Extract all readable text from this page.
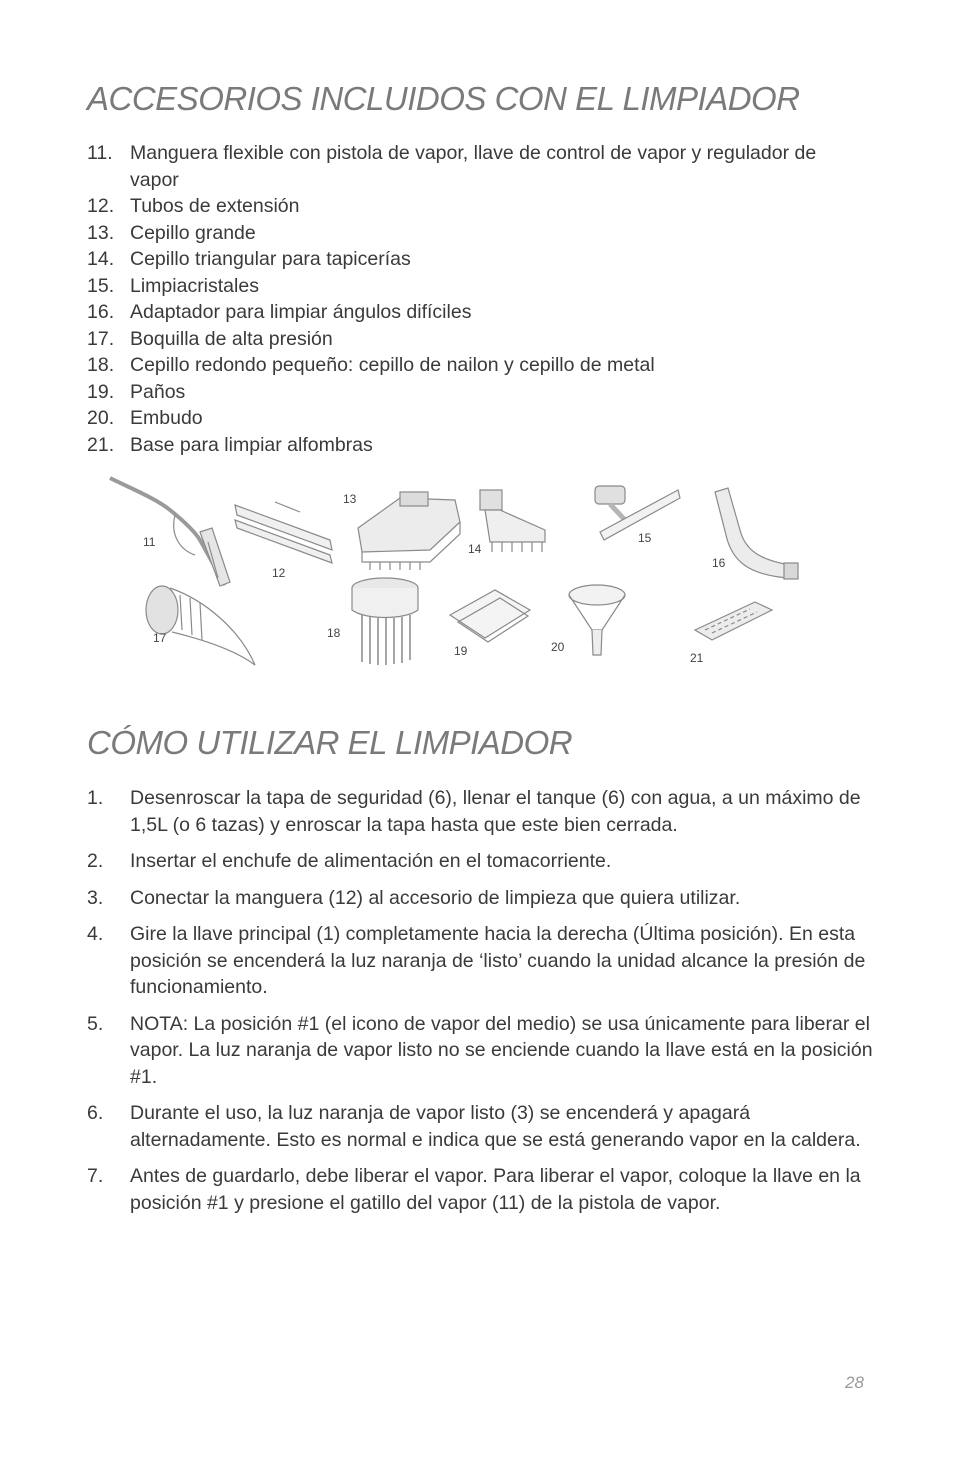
ACCESORIOS INCLUIDOS CON EL LIMPIADOR
11. Manguera flexible con pistola de vapor, llave de control de vapor y regulador de vapor
12. Tubos de extensión
13. Cepillo grande
14. Cepillo triangular para tapicerías
15. Limpiacristales
16. Adaptador para limpiar ángulos difíciles
17. Boquilla de alta presión
18. Cepillo redondo pequeño: cepillo de nailon y cepillo de metal
19. Paños
20. Embudo
21. Base para limpiar alfombras
11
12
13
14
15
16
17	18
19	20
21
CÓMO UTILIZAR EL LIMPIADOR
1.	Desenroscar la tapa de seguridad (6), llenar el tanque (6) con agua, a un máximo de 1,5L (o 6 tazas) y enroscar la tapa hasta que este bien cerrada.
2.	Insertar el enchufe de alimentación en el tomacorriente.
3.	Conectar la manguera (12) al accesorio de limpieza que quiera utilizar.
4.	Gire la llave principal (1) completamente hacia la derecha (Última posición). En esta posición se encenderá la luz naranja de ‘listo’ cuando la unidad alcance la presión de funcionamiento.
5.	NOTA: La posición #1 (el icono de vapor del medio) se usa únicamente para liberar el vapor. La luz naranja de vapor listo no se enciende cuando la llave está en la posición #1.
6.	Durante el uso, la luz naranja de vapor listo (3) se encenderá y apagará alternadamente. Esto es normal e indica que se está generando vapor en la caldera.
7.	Antes de guardarlo, debe liberar el vapor. Para liberar el vapor, coloque la llave en la posición #1 y presione el gatillo del vapor (11) de la pistola de vapor.
28
